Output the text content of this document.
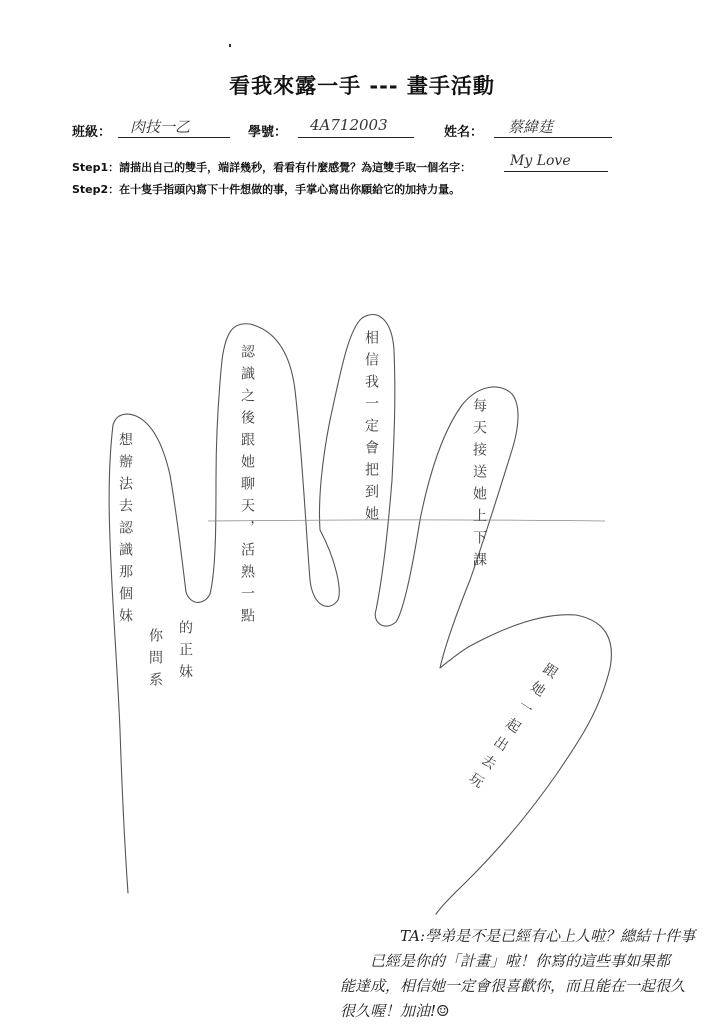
看我來露一手 --- 畫手活動
班級： 肉技一乙	學號： 4A712003	姓名： 蔡緯莛
Step1：請描出自己的雙手，端詳幾秒，看看有什麼感覺？為這雙手取一個名字：	My Love
Step2：在十隻手指頭內寫下十件想做的事，手掌心寫出你願給它的加持力量。
想辦法去認識那個妹
的正妹
你問系
認識之後跟她聊天，活熟一點	相信我一定會把到她	每天接送她上下課
跟她一起出去玩
TA:學弟是不是已經有心上人啦？總結十件事
已經是你的「計畫」啦！你寫的這些事如果都
能達成，相信她一定會很喜歡你，而且能在一起很久
很久喔！加油!☺
